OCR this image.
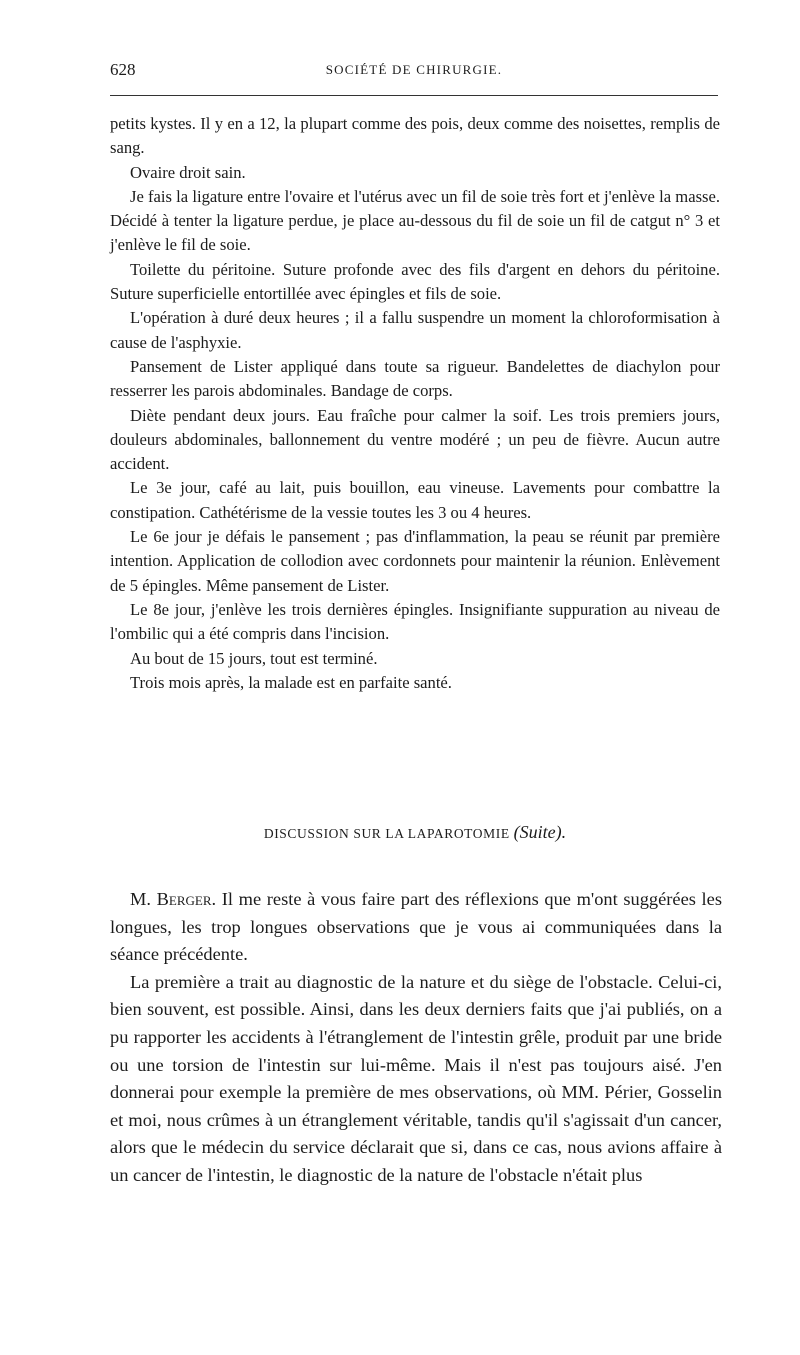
628	SOCIÉTÉ DE CHIRURGIE.

petits kystes. Il y en a 12, la plupart comme des pois, deux comme des noisettes, remplis de sang.

Ovaire droit sain.

Je fais la ligature entre l'ovaire et l'utérus avec un fil de soie très fort et j'enlève la masse. Décidé à tenter la ligature perdue, je place au-dessous du fil de soie un fil de catgut n° 3 et j'enlève le fil de soie.

Toilette du péritoine. Suture profonde avec des fils d'argent en dehors du péritoine. Suture superficielle entortillée avec épingles et fils de soie.

L'opération à duré deux heures ; il a fallu suspendre un moment la chloroformisation à cause de l'asphyxie.

Pansement de Lister appliqué dans toute sa rigueur. Bandelettes de diachylon pour resserrer les parois abdominales. Bandage de corps.

Diète pendant deux jours. Eau fraîche pour calmer la soif. Les trois premiers jours, douleurs abdominales, ballonnement du ventre modéré ; un peu de fièvre. Aucun autre accident.

Le 3e jour, café au lait, puis bouillon, eau vineuse. Lavements pour combattre la constipation. Cathétérisme de la vessie toutes les 3 ou 4 heures.

Le 6e jour je défais le pansement ; pas d'inflammation, la peau se réunit par première intention. Application de collodion avec cordonnets pour maintenir la réunion. Enlèvement de 5 épingles. Même pansement de Lister.

Le 8e jour, j'enlève les trois dernières épingles. Insignifiante suppuration au niveau de l'ombilic qui a été compris dans l'incision.

Au bout de 15 jours, tout est terminé.

Trois mois après, la malade est en parfaite santé.

DISCUSSION SUR LA LAPAROTOMIE (Suite).

M. Berger. Il me reste à vous faire part des réflexions que m'ont suggérées les longues, les trop longues observations que je vous ai communiquées dans la séance précédente.

La première a trait au diagnostic de la nature et du siège de l'obstacle. Celui-ci, bien souvent, est possible. Ainsi, dans les deux derniers faits que j'ai publiés, on a pu rapporter les accidents à l'étranglement de l'intestin grêle, produit par une bride ou une torsion de l'intestin sur lui-même. Mais il n'est pas toujours aisé. J'en donnerai pour exemple la première de mes observations, où MM. Périer, Gosselin et moi, nous crûmes à un étranglement véritable, tandis qu'il s'agissait d'un cancer, alors que le médecin du service déclarait que si, dans ce cas, nous avions affaire à un cancer de l'intestin, le diagnostic de la nature de l'obstacle n'était plus
